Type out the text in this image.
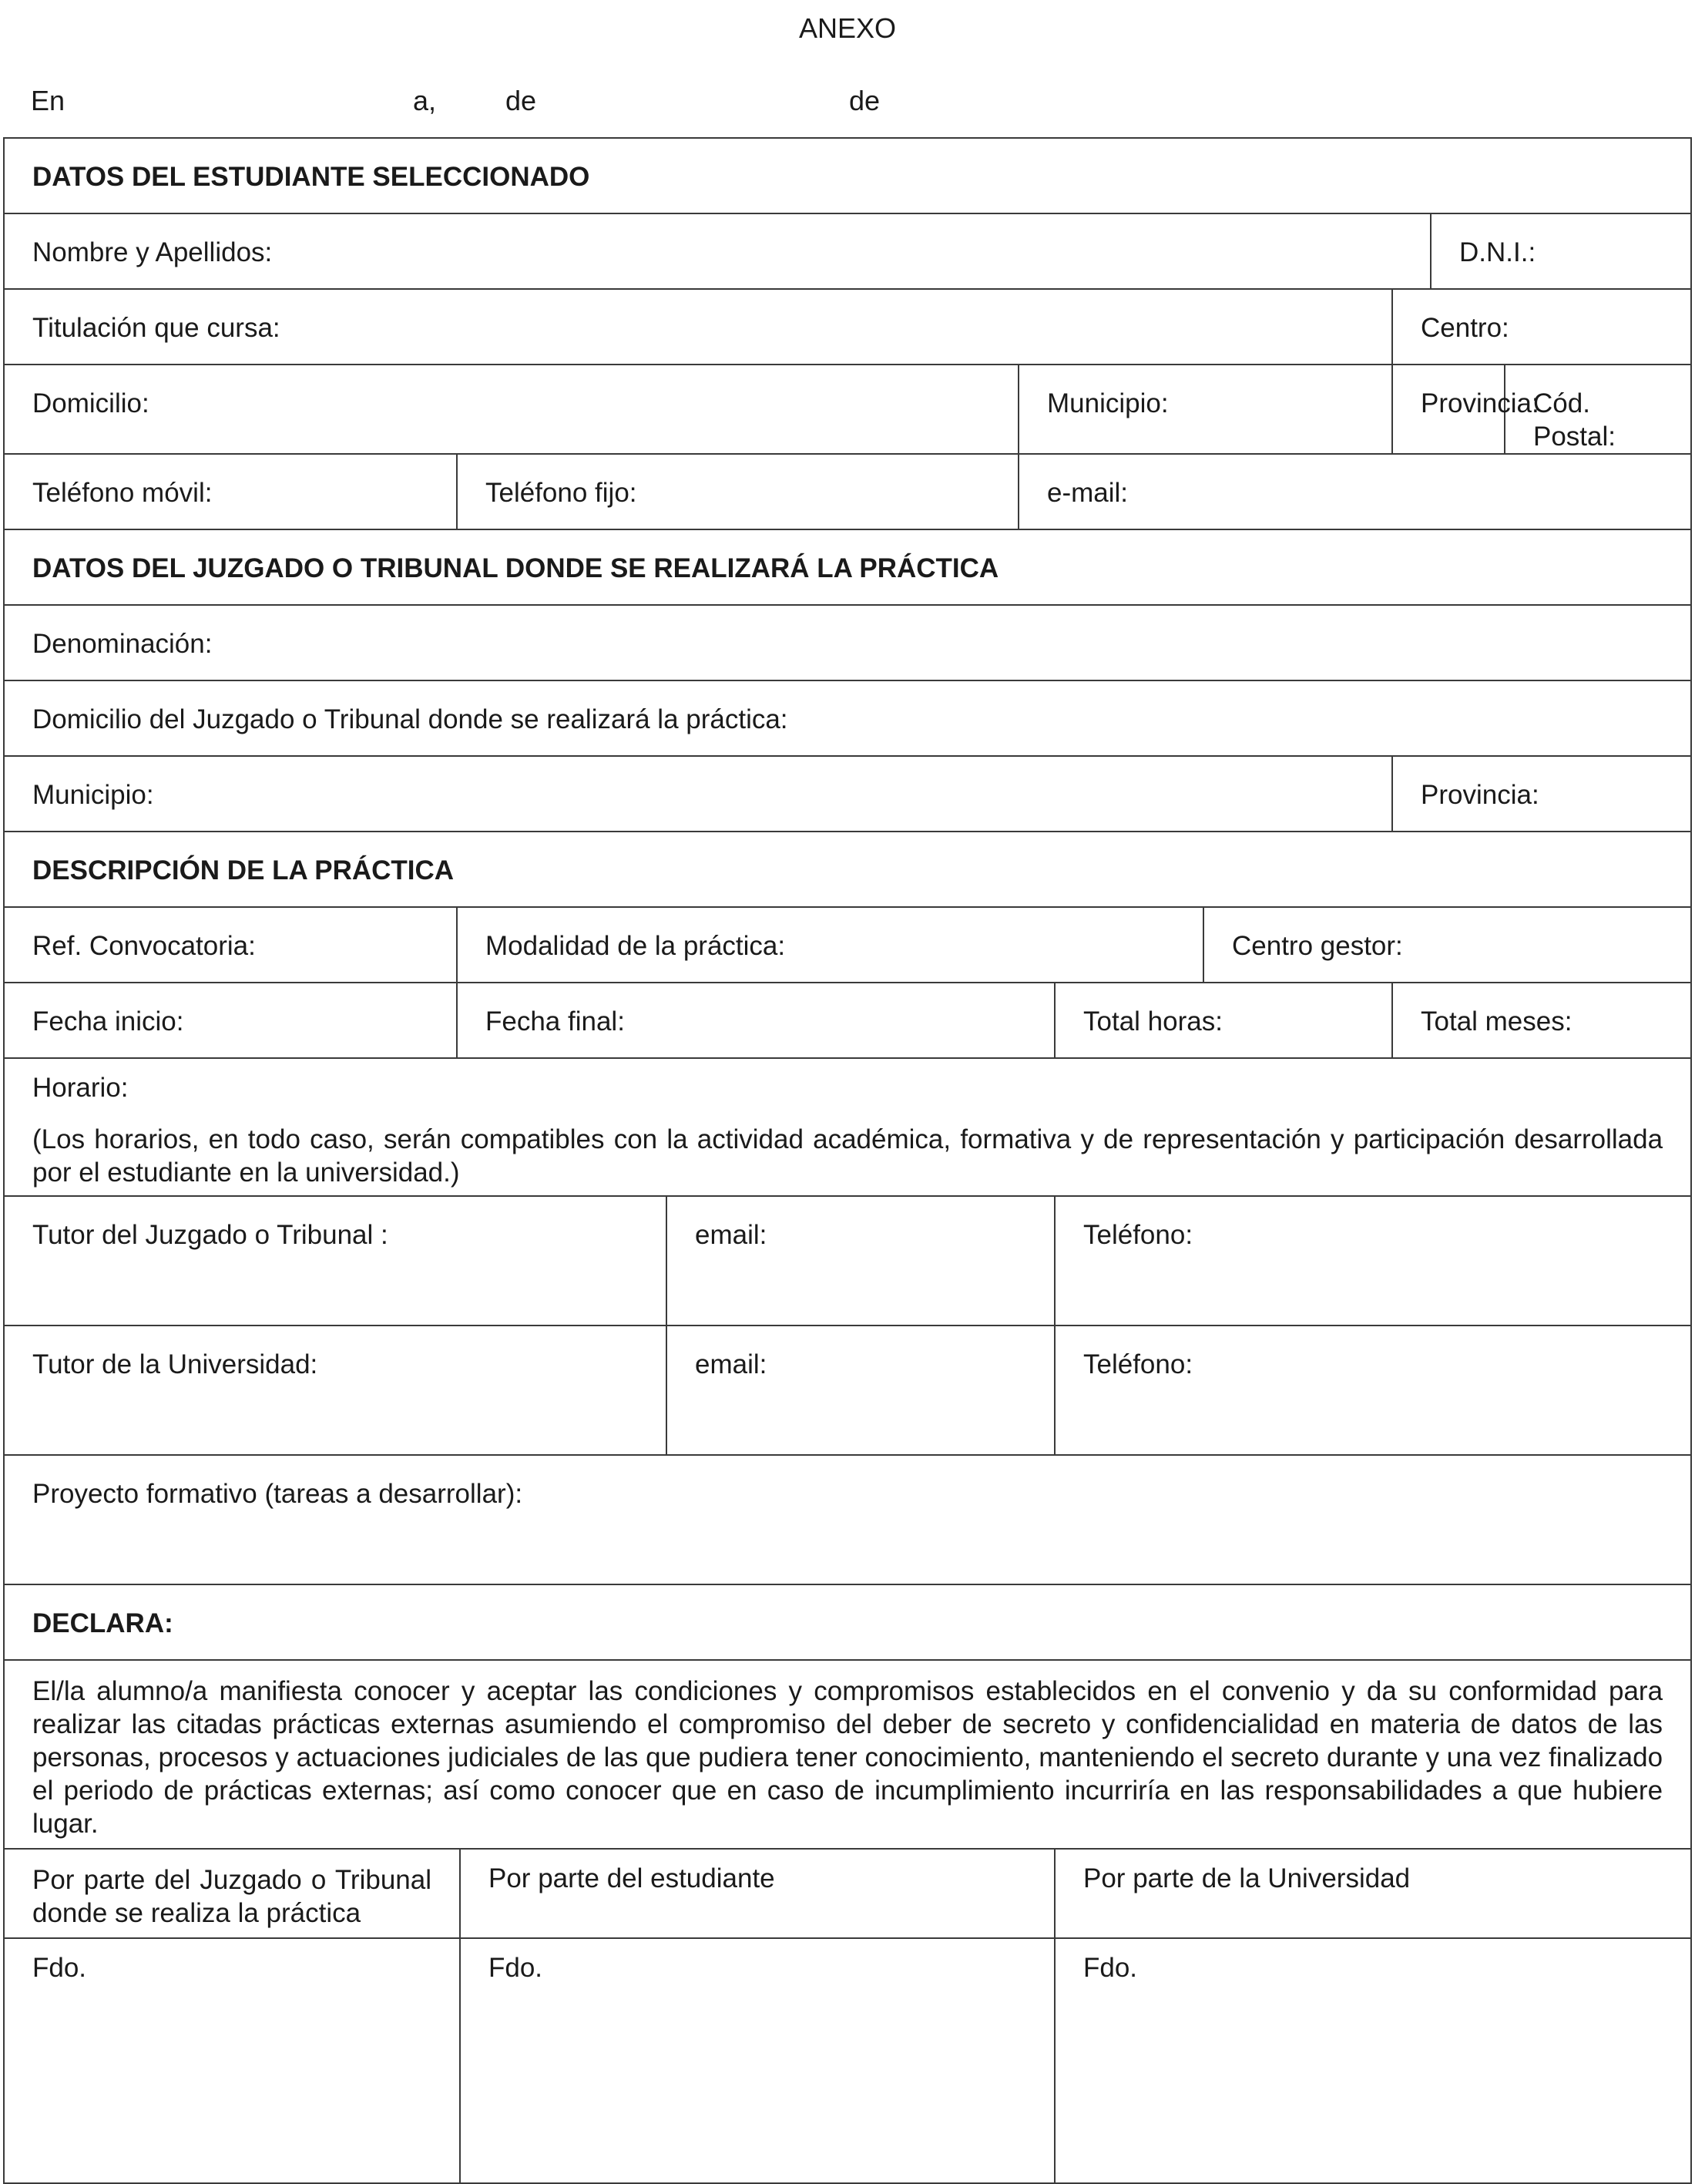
ANEXO
En	a, de	de
DATOS DEL ESTUDIANTE SELECCIONADO									
Nombre y Apellidos:								D.N.I.:	
Titulación que cursa:							Centro:		
Domicilio:				Municipio:			Provincia:		Cód. Postal:
Teléfono móvil:	Teléfono fijo:			e-mail:					
DATOS DEL JUZGADO O TRIBUNAL DONDE SE REALIZARÁ LA PRÁCTICA									
Denominación:									
Domicilio del Juzgado o Tribunal donde se realizará la práctica:									
Municipio:							Provincia:		
DESCRIPCIÓN DE LA PRÁCTICA									
Ref. Convocatoria:	Modalidad de la práctica:					Centro gestor:			
Fecha inicio:	Fecha final:				Total horas:		Total meses:		
Horario:
(Los horarios, en todo caso, serán compatibles con la actividad académica, formativa y de representación y participación desarrollada por el estudiante en la universidad.)									

Tutor del Juzgado o Tribunal :			email:		Teléfono:				
Tutor de la Universidad:			email:		Teléfono:				
Proyecto formativo (tareas a desarrollar):									
DECLARA:									
El/la alumno/a manifiesta conocer y aceptar las condiciones y compromisos establecidos en el convenio y da su conformidad para realizar las citadas prácticas externas asumiendo el compromiso del deber de secreto y confidencialidad en materia de datos de las personas, procesos y actuaciones judiciales de las que pudiera tener conocimiento, manteniendo el secreto durante y una vez finalizado el periodo de prácticas externas; así como conocer que en caso de incumplimiento incurriría en las responsabilidades a que hubiere lugar.									
Por parte del Juzgado o Tribunal donde se realiza la práctica		Por parte del estudiante			Por parte de la Universidad				
Fdo.		Fdo.			Fdo.				
